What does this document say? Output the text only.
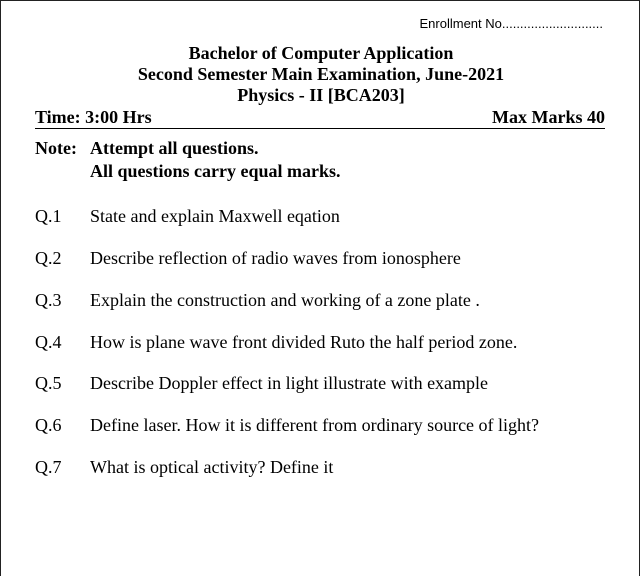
Enrollment No............................
Bachelor of Computer Application
Second Semester Main Examination, June-2021
Physics - II [BCA203]
Time: 3:00 Hrs	Max Marks 40
Note: Attempt all questions.
All questions carry equal marks.
Q.1 State and explain Maxwell eqation
Q.2 Describe reflection of radio waves from ionosphere
Q.3 Explain the construction and working of a zone plate .
Q.4 How is plane wave front divided Ruto the half period zone.
Q.5 Describe Doppler effect in light illustrate with example
Q.6 Define laser. How it is different from ordinary source of light?
Q.7 What is optical activity? Define it
